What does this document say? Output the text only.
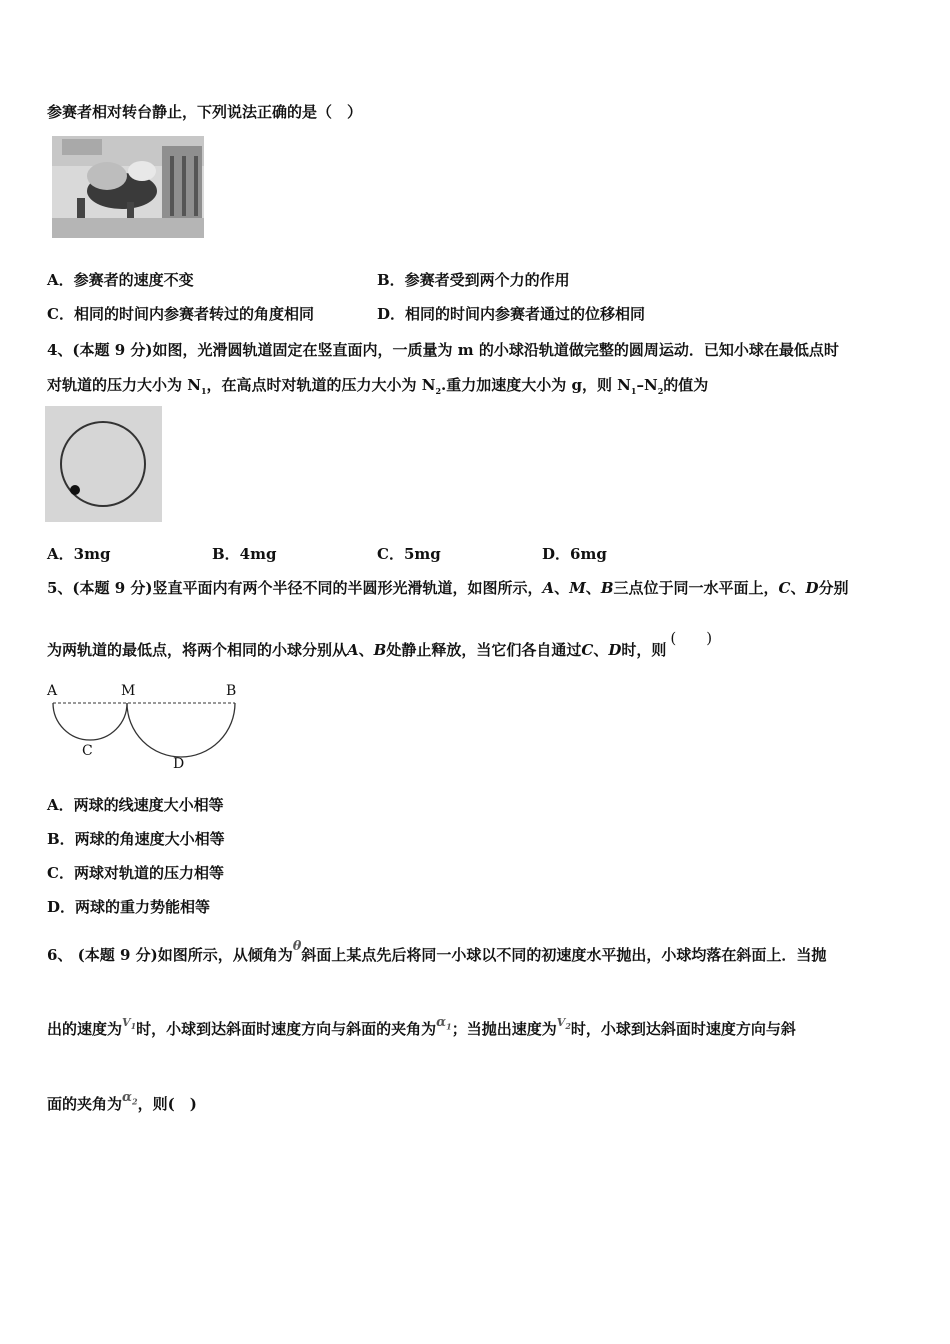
参赛者相对转台静止，下列说法正确的是（　）
A．参赛者的速度不变	B．参赛者受到两个力的作用
C．相同的时间内参赛者转过的角度相同	D．相同的时间内参赛者通过的位移相同
4、(本题 9 分)如图，光滑圆轨道固定在竖直面内，一质量为 m 的小球沿轨道做完整的圆周运动．已知小球在最低点时
对轨道的压力大小为 $N_1$，在高点时对轨道的压力大小为 $N_2$.重力加速度大小为 g，则 $N_1-N_2$的值为
A．3mg	B．4mg	C．5mg	D．6mg
5、(本题 9 分)竖直平面内有两个半径不同的半圆形光滑轨道，如图所示，A、M、B三点位于同一水平面上，C、D分别
为两轨道的最低点，将两个相同的小球分别从A、B处静止释放，当它们各自通过C、D时，则(　　)
A	M	B
C
D
A．两球的线速度大小相等
B．两球的角速度大小相等
C．两球对轨道的压力相等
D．两球的重力势能相等
6、 (本题 9 分)如图所示，从倾角为θ斜面上某点先后将同一小球以不同的初速度水平抛出，小球均落在斜面上．当抛
出的速度为$^{V_1}$时，小球到达斜面时速度方向与斜面的夹角为$\alpha_1$；当抛出速度为$^{V_2}$时，小球到达斜面时速度方向与斜
面的夹角为$\alpha_2$，则(　)
